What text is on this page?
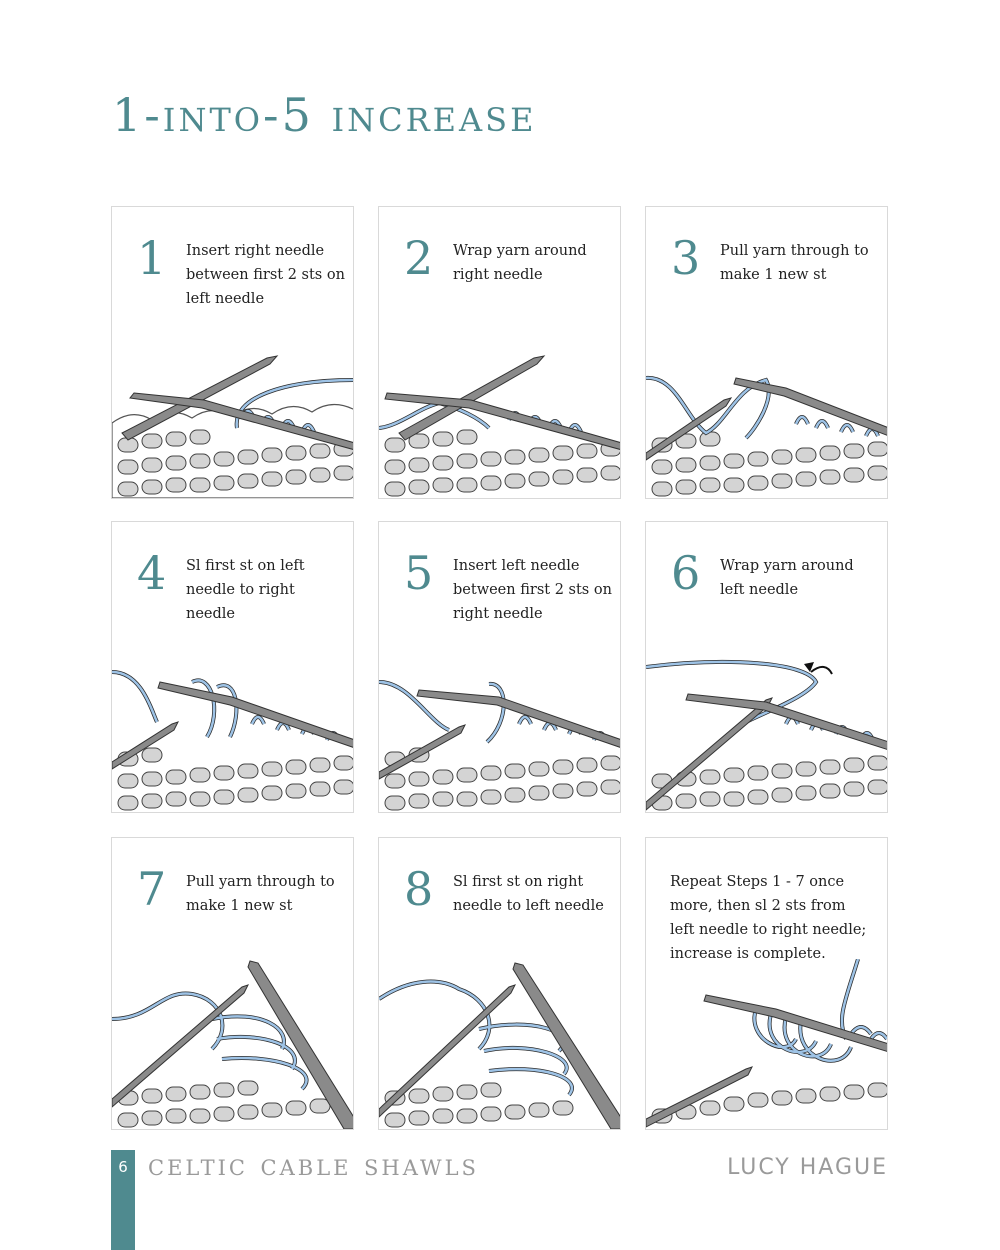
1-into-5 increase
1 Insert right needle between first 2 sts on left needle
2 Wrap yarn around right needle	3 Pull yarn through to make 1 new st
4 Sl first st on left needle to right needle
5 Insert left needle between first 2 sts on right needle
6 Wrap yarn around left needle
7 Pull yarn through to make 1 new st	8 Sl first st on right needle to left needle
Repeat Steps 1 - 7 once more, then sl 2 sts from left needle to right needle; increase is complete.
6 celtic cable shawls	LUCY HAGUE
